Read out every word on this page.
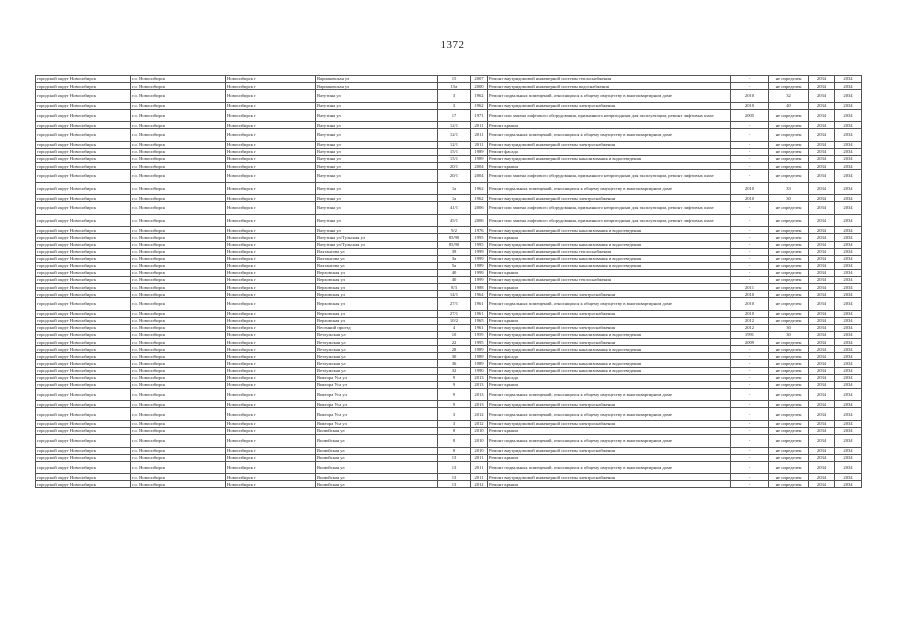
1372
городской округ Новосибирск	г.о. Новосибирск	Новосибирск г	Вариаковская ул	15	2007	Ремонт внутридомовой инженерной системы теплоснабжения	-	не определен	2034	2034
городской округ Новосибирск	г.о. Новосибирск	Новосибирск г	Вариаковская ул	15а	2000	Ремонт внутридомовой инженерной системы водоснабжения	-	не определен	2034	2034
городской округ Новосибирск	г.о. Новосибирск	Новосибирск г	Ватутина ул	3	1962	Ремонт подвальных помещений, относящихся к общему имуществу в многоквартирном доме	2010	32	2034	2034
городской округ Новосибирск	г.о. Новосибирск	Новосибирск г	Ватутина ул	3	1962	Ремонт внутридомовой инженерной системы электроснабжения	2010	40	2034	2034
городской округ Новосибирск	г.о. Новосибирск	Новосибирск г	Ватутина ул	17	1971	Ремонт или замена лифтового оборудования, признанного непригодным для эксплуатации, ремонт лифтовых шахт	2005	не определен	2034	2034
городской округ Новосибирск	г.о. Новосибирск	Новосибирск г	Ватутина ул	12/1	2011	Ремонт крыши	-	не определен	2034	2034
городской округ Новосибирск	г.о. Новосибирск	Новосибирск г	Ватутина ул	12/1	2011	Ремонт подвальных помещений, относящихся к общему имуществу в многоквартирном доме	-	не определен	2034	2034
городской округ Новосибирск	г.о. Новосибирск	Новосибирск г	Ватутина ул	12/1	2011	Ремонт внутридомовой инженерной системы электроснабжения	-	не определен	2034	2034
городской округ Новосибирск	г.о. Новосибирск	Новосибирск г	Ватутина ул	15/1	1989	Ремонт фасада	-	не определен	2034	2034
городской округ Новосибирск	г.о. Новосибирск	Новосибирск г	Ватутина ул	15/1	1989	Ремонт внутридомовой инженерной системы канализования и водоотведения	-	не определен	2034	2034
городской округ Новосибирск	г.о. Новосибирск	Новосибирск г	Ватутина ул	20/1	2004	Ремонт крыши	-	не определен	2034	2034
городской округ Новосибирск	г.о. Новосибирск	Новосибирск г	Ватутина ул	20/1	2004	Ремонт или замена лифтового оборудования, признанного непригодным для эксплуатации, ремонт лифтовых шахт	-	не определен	2034	2034
городской округ Новосибирск	г.о. Новосибирск	Новосибирск г	Ватутина ул	1а	1962	Ремонт подвальных помещений, относящихся к общему имуществу в многоквартирном доме	2010	33	2034	2034
городской округ Новосибирск	г.о. Новосибирск	Новосибирск г	Ватутина ул	1а	1962	Ремонт внутридомовой инженерной системы электроснабжения	2010	30	2034	2034
городской округ Новосибирск	г.о. Новосибирск	Новосибирск г	Ватутина ул	41/1	2006	Ремонт или замена лифтового оборудования, признанного непригодным для эксплуатации, ремонт лифтовых шахт	-	не определен	2034	2034
городской округ Новосибирск	г.о. Новосибирск	Новосибирск г	Ватутина ул	45/1	2006	Ремонт или замена лифтового оборудования, признанного непригодным для эксплуатации, ремонт лифтовых шахт	-	не определен	2034	2034
городской округ Новосибирск	г.о. Новосибирск	Новосибирск г	Ватутина ул	9/2	1976	Ремонт внутридомовой инженерной системы канализования и водоотведения	-	не определен	2034	2034
городской округ Новосибирск	г.о. Новосибирск	Новосибирск г	Ватутина ул/Тульская ул	85/90	1995	Ремонт крыши	-	не определен	2034	2034
городской округ Новосибирск	г.о. Новосибирск	Новосибирск г	Ватутина ул/Тульская ул	85/90	1995	Ремонт внутридомовой инженерной системы канализования и водоотведения	-	не определен	2034	2034
городской округ Новосибирск	г.о. Новосибирск	Новосибирск г	Вахтангова ул	39	1999	Ремонт внутридомовой инженерной системы теплоснабжения	-	не определен	2034	2034
городской округ Новосибирск	г.о. Новосибирск	Новосибирск г	Вахтангова ул	3а	1999	Ремонт внутридомовой инженерной системы канализования и водоотведения	-	не определен	2034	2034
городской округ Новосибирск	г.о. Новосибирск	Новосибирск г	Вахтангова ул	5а	1989	Ремонт внутридомовой инженерной системы канализования и водоотведения	-	не определен	2034	2034
городской округ Новосибирск	г.о. Новосибирск	Новосибирск г	Верховская ул	40	1999	Ремонт крыши	-	не определен	2034	2034
городской округ Новосибирск	г.о. Новосибирск	Новосибирск г	Верховская ул	40	1999	Ремонт внутридомовой инженерной системы теплоснабжения	-	не определен	2034	2034
городской округ Новосибирск	г.о. Новосибирск	Новосибирск г	Верховская ул	8/3	1988	Ремонт крыши	2011	не определен	2034	2034
городской округ Новосибирск	г.о. Новосибирск	Новосибирск г	Верховская ул	14/1	1964	Ремонт внутридомовой инженерной системы электроснабжения	2010	не определен	2034	2034
городской округ Новосибирск	г.о. Новосибирск	Новосибирск г	Верховская ул	27/1	1961	Ремонт подвальных помещений, относящихся к общему имуществу в многоквартирном доме	2010	не определен	2034	2034
городской округ Новосибирск	г.о. Новосибирск	Новосибирск г	Верховская ул	27/1	1961	Ремонт внутридомовой инженерной системы электроснабжения	2010	не определен	2034	2034
городской округ Новосибирск	г.о. Новосибирск	Новосибирск г	Верховская ул	10/2	1965	Ремонт крыши	2012	не определен	2034	2034
городской округ Новосибирск	г.о. Новосибирск	Новосибирск г	Весенний проезд	4	1961	Ремонт внутридомовой инженерной системы электроснабжения	2012	30	2034	2034
городской округ Новосибирск	г.о. Новосибирск	Новосибирск г	Ветлужская ул	10	1959	Ремонт внутридомовой инженерной системы канализования и водоотведения	1991	30	2034	2034
городской округ Новосибирск	г.о. Новосибирск	Новосибирск г	Ветлужская ул	22	1995	Ремонт внутридомовой инженерной системы электроснабжения	2009	не определен	2034	2034
городской округ Новосибирск	г.о. Новосибирск	Новосибирск г	Ветлужская ул	28	1989	Ремонт внутридомовой инженерной системы канализования и водоотведения	-	не определен	2034	2034
городской округ Новосибирск	г.о. Новосибирск	Новосибирск г	Ветлужская ул	30	1989	Ремонт фасада	-	не определен	2034	2034
городской округ Новосибирск	г.о. Новосибирск	Новосибирск г	Ветлужская ул	36	1989	Ремонт внутридомовой инженерной системы канализования и водоотведения	-	не определен	2034	2034
городской округ Новосибирск	г.о. Новосибирск	Новосибирск г	Ветлужская ул	32	1990	Ремонт внутридомовой инженерной системы канализования и водоотведения	-	не определен	2034	2034
городской округ Новосибирск	г.о. Новосибирск	Новосибирск г	Виктора Уса ул	9	2013	Ремонт фасада	-	не определен	2034	2034
городской округ Новосибирск	г.о. Новосибирск	Новосибирск г	Виктора Уса ул	9	2013	Ремонт крыши	-	не определен	2034	2034
городской округ Новосибирск	г.о. Новосибирск	Новосибирск г	Виктора Уса ул	9	2013	Ремонт подвальных помещений, относящихся к общему имуществу в многоквартирном доме	-	не определен	2034	2034
городской округ Новосибирск	г.о. Новосибирск	Новосибирск г	Виктора Уса ул	9	2013	Ремонт внутридомовой инженерной системы электроснабжения	-	не определен	2034	2034
городской округ Новосибирск	г.о. Новосибирск	Новосибирск г	Виктора Уса ул	3	2012	Ремонт подвальных помещений, относящихся к общему имуществу в многоквартирном доме	-	не определен	2034	2034
городской округ Новосибирск	г.о. Новосибирск	Новосибирск г	Виктора Уса ул	3	2012	Ремонт внутридомовой инженерной системы электроснабжения	-	не определен	2034	2034
городской округ Новосибирск	г.о. Новосибирск	Новосибирск г	Вилюйская ул	8	2010	Ремонт крыши	-	не определен	2034	2034
городской округ Новосибирск	г.о. Новосибирск	Новосибирск г	Вилюйская ул	8	2010	Ремонт подвальных помещений, относящихся к общему имуществу в многоквартирном доме	-	не определен	2034	2034
городской округ Новосибирск	г.о. Новосибирск	Новосибирск г	Вилюйская ул	8	2010	Ремонт внутридомовой инженерной системы электроснабжения	-	не определен	2034	2034
городской округ Новосибирск	г.о. Новосибирск	Новосибирск г	Вилюйская ул	13	2011	Ремонт крыши	-	не определен	2034	2034
городской округ Новосибирск	г.о. Новосибирск	Новосибирск г	Вилюйская ул	13	2011	Ремонт подвальных помещений, относящихся к общему имуществу в многоквартирном доме	-	не определен	2034	2034
городской округ Новосибирск	г.о. Новосибирск	Новосибирск г	Вилюйская ул	13	2011	Ремонт внутридомовой инженерной системы электроснабжения	-	не определен	2034	2034
городской округ Новосибирск	г.о. Новосибирск	Новосибирск г	Вилюйская ул	13	2012	Ремонт крыши	-	не определен	2034	2034
